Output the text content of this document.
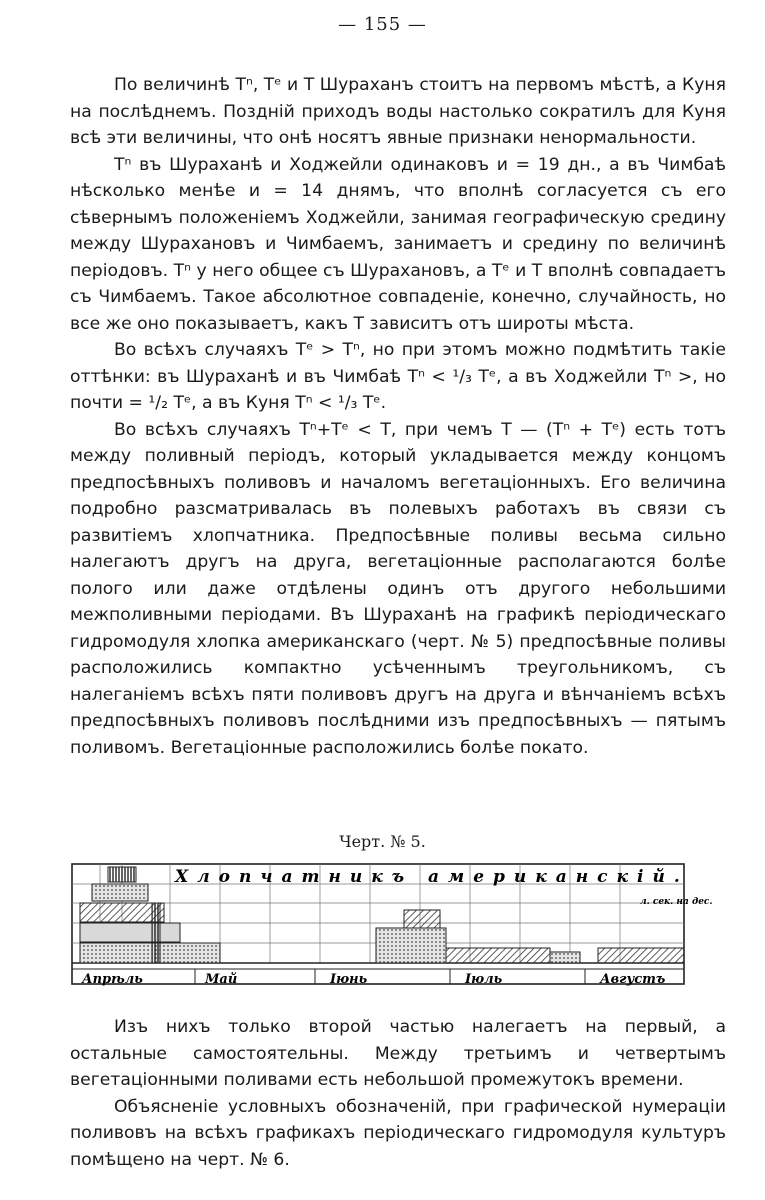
— 155 —

По величинѣ Тⁿ, Tᵉ и Т Шураханъ стоитъ на первомъ мѣстѣ, а Куня на послѣднемъ. Поздній приходъ воды настолько сократилъ для Куня всѣ эти величины, что онѣ носятъ явные признаки ненормальности.

Тⁿ въ Шураханѣ и Ходжейли одинаковъ и = 19 дн., а въ Чимбаѣ нѣсколько менѣе и = 14 днямъ, что вполнѣ согласуется съ его сѣвернымъ положеніемъ Ходжейли, занимая географическую средину между Шурахановъ и Чимбаемъ, занимаетъ и средину по величинѣ періодовъ. Тⁿ у него общее съ Шурахановъ, а Tᵉ и Т вполнѣ совпадаетъ съ Чимбаемъ. Такое абсолютное совпаденіе, конечно, случайность, но все же оно показываетъ, какъ Т зависитъ отъ широты мѣста.

Во всѣхъ случаяхъ Tᵉ > Тⁿ, но при этомъ можно подмѣтить такіе оттѣнки: въ Шураханѣ и въ Чимбаѣ Тⁿ < ¹/₃ Tᵉ, а въ Ходжейли Тⁿ >, но почти = ¹/₂ Tᵉ, а въ Куня Тⁿ < ¹/₃ Tᵉ.

Во всѣхъ случаяхъ Тⁿ+Tᵉ < Т, при чемъ Т — (Тⁿ + Tᵉ) есть тотъ между поливный періодъ, который укладывается между концомъ предпосѣвныхъ поливовъ и началомъ вегетаціонныхъ. Его величина подробно разсматривалась въ полевыхъ работахъ въ связи съ развитіемъ хлопчатника. Предпосѣвные поливы весьма сильно налегаютъ другъ на друга, вегетаціонные располагаются болѣе полого или даже отдѣлены одинъ отъ другого небольшими межполивными періодами. Въ Шураханѣ на графикѣ періодическаго гидромодуля хлопка американскаго (черт. № 5) предпосѣвные поливы расположились компактно усѣченнымъ треугольникомъ, съ налеганіемъ всѣхъ пяти поливовъ другъ на друга и вѣнчаніемъ всѣхъ предпосѣвныхъ поливовъ послѣдними изъ предпосѣвныхъ — пятымъ поливомъ. Вегетаціонные расположились болѣе покато.

Черт. № 5.
Хлопчатникъ американскій.
л. сек. на дес.
Апрѣль	Май	Іюнь	Іюль	Августъ

Изъ нихъ только второй частью налегаетъ на первый, а остальные самостоятельны. Между третьимъ и четвертымъ вегетаціонными поливами есть небольшой промежутокъ времени.

Объясненіе условныхъ обозначеній, при графической нумераціи поливовъ на всѣхъ графикахъ періодическаго гидромодуля культуръ помѣщено на черт. № 6.
